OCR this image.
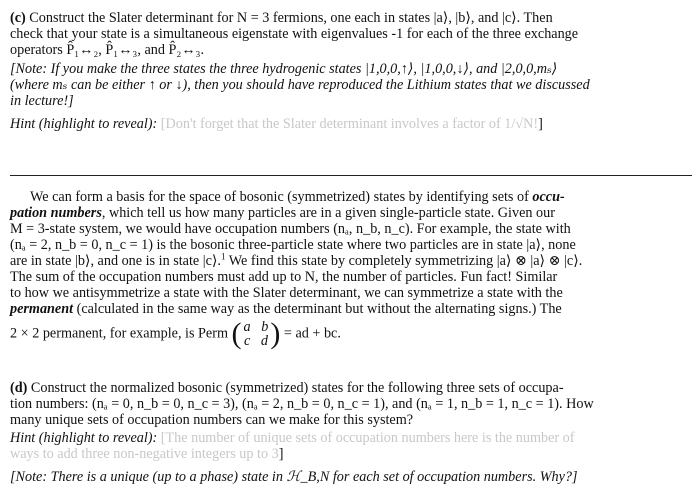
(c) Construct the Slater determinant for N = 3 fermions, one each in states |a⟩, |b⟩, and |c⟩. Then
check that your state is a simultaneous eigenstate with eigenvalues -1 for each of the three exchange
operators P̂₁↔₂, P̂₁↔₃, and P̂₂↔₃.
[Note: If you make the three states the three hydrogenic states |1,0,0,↑⟩, |1,0,0,↓⟩, and |2,0,0,mₛ⟩
(where mₛ can be either ↑ or ↓), then you should have reproduced the Lithium states that we discussed
in lecture!]
Hint (highlight to reveal): [Don't forget that the Slater determinant involves a factor of 1/√N!]
We can form a basis for the space of bosonic (symmetrized) states by identifying sets of occu-
pation numbers, which tell us how many particles are in a given single-particle state. Given our
M = 3-state system, we would have occupation numbers (nₐ, n_b, n_c). For example, the state with
(nₐ = 2, n_b = 0, n_c = 1) is the bosonic three-particle state where two particles are in state |a⟩, none
are in state |b⟩, and one is in state |c⟩.$^1$ We find this state by completely symmetrizing |a⟩ ⊗ |a⟩ ⊗ |c⟩.
The sum of the occupation numbers must add up to N, the number of particles. Fun fact! Similar
to how we antisymmetrize a state with the Slater determinant, we can symmetrize a state with the
permanent (calculated in the same way as the determinant but without the alternating signs.) The
2 × 2 permanent, for example, is Perm ( a b
c d) = ad + bc.
(d) Construct the normalized bosonic (symmetrized) states for the following three sets of occupa-
tion numbers: (nₐ = 0, n_b = 0, n_c = 3), (nₐ = 2, n_b = 0, n_c = 1), and (nₐ = 1, n_b = 1, n_c = 1). How
many unique sets of occupation numbers can we make for this system?
Hint (highlight to reveal): [The number of unique sets of occupation numbers here is the number of
ways to add three non-negative integers up to 3]
[Note: There is a unique (up to a phase) state in ℋ_B,N for each set of occupation numbers. Why?]
